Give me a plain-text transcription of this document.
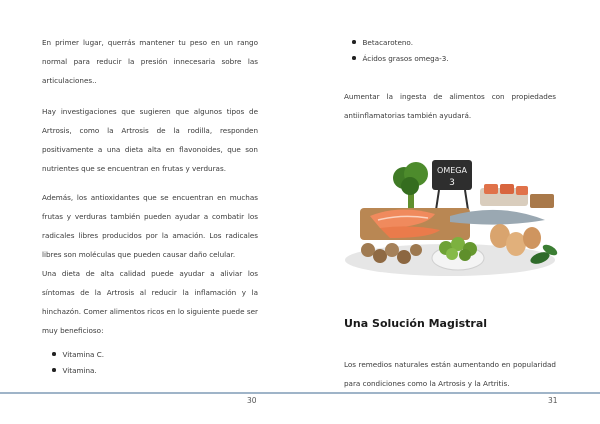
En primer lugar, querrás mantener tu peso en un rango normal para reducir la presión innecesaria sobre las articulaciones..

Hay investigaciones que sugieren que algunos tipos de Artrosis, como la Artrosis de la rodilla, responden positivamente a una dieta alta en flavonoides, que son nutrientes que se encuentran en frutas y verduras.

Además, los antioxidantes que se encuentran en muchas frutas y verduras también pueden ayudar a combatir los radicales libres producidos por la amación. Los radicales libres son moléculas que pueden causar daño celular.

Una dieta de alta calidad puede ayudar a aliviar los síntomas de la Artrosis al reducir la inflamación y la hinchazón. Comer alimentos ricos en lo siguiente puede ser muy beneficioso:

Vitamina C.
Vitamina.
30
Betacaroteno.
Ácidos grasos omega-3.

Aumentar la ingesta de alimentos con propiedades antiinflamatorias también ayudará.

OMEGA
3
Una Solución Magistral

Los remedios naturales están aumentando en popularidad para condiciones como la Artrosis y la Artritis.

31
